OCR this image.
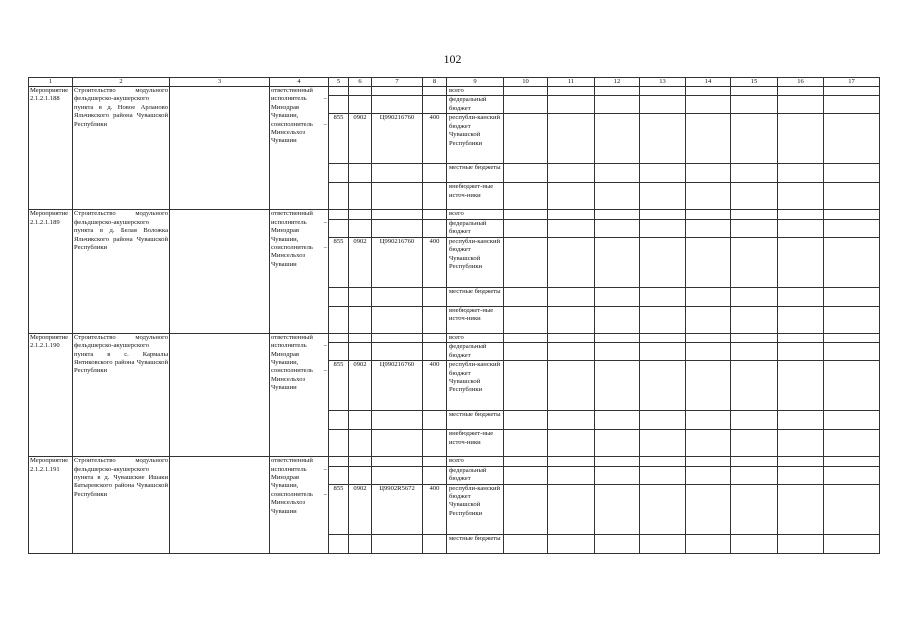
102
1	2	3	4	5	6	7	8	9	10	11	12	13	14	15	16	17
Мероприятие 2.1.2.1.188	Строительство модульного фельдшерско-акушерского пункта в д. Новое Арланово Яльчикского района Чувашской Республики		ответственный исполнитель – Минздрав Чувашии, соисполнитель – Минсельхоз Чувашии					всего								
								федеральный бюджет								
				855	0902	Ц990216760	400	республи-канский бюджет Чувашской Республики								
								местные бюджеты								
								внебюджет-ные источ-ники								
Мероприятие 2.1.2.1.189	Строительство модульного фельдшерско-акушерского пункта в д. Белая Воложка Яльчикского района Чувашской Республики		ответственный исполнитель – Минздрав Чувашии, соисполнитель – Минсельхоз Чувашии					всего								
								федеральный бюджет								
				855	0902	Ц990216760	400	республи-канский бюджет Чувашской Республики								
								местные бюджеты								
								внебюджет-ные источ-ники								
Мероприятие 2.1.2.1.190	Строительство модульного фельдшерско-акушерского пункта в с. Кармалы Янтиковского района Чувашской Республики		ответственный исполнитель – Минздрав Чувашии, соисполнитель – Минсельхоз Чувашии					всего								
								федеральный бюджет								
				855	0902	Ц990216760	400	республи-канский бюджет Чувашской Республики								
								местные бюджеты								
								внебюджет-ные источ-ники								
Мероприятие 2.1.2.1.191	Строительство модульного фельдшерско-акушерского пункта в д. Чувашские Ишаки Батыревского района Чувашской Республики		ответственный исполнитель – Минздрав Чувашии, соисполнитель – Минсельхоз Чувашии					всего								
								федеральный бюджет								
				855	0902	Ц9902R5672	400	республи-канский бюджет Чувашской Республики								
								местные бюджеты								
